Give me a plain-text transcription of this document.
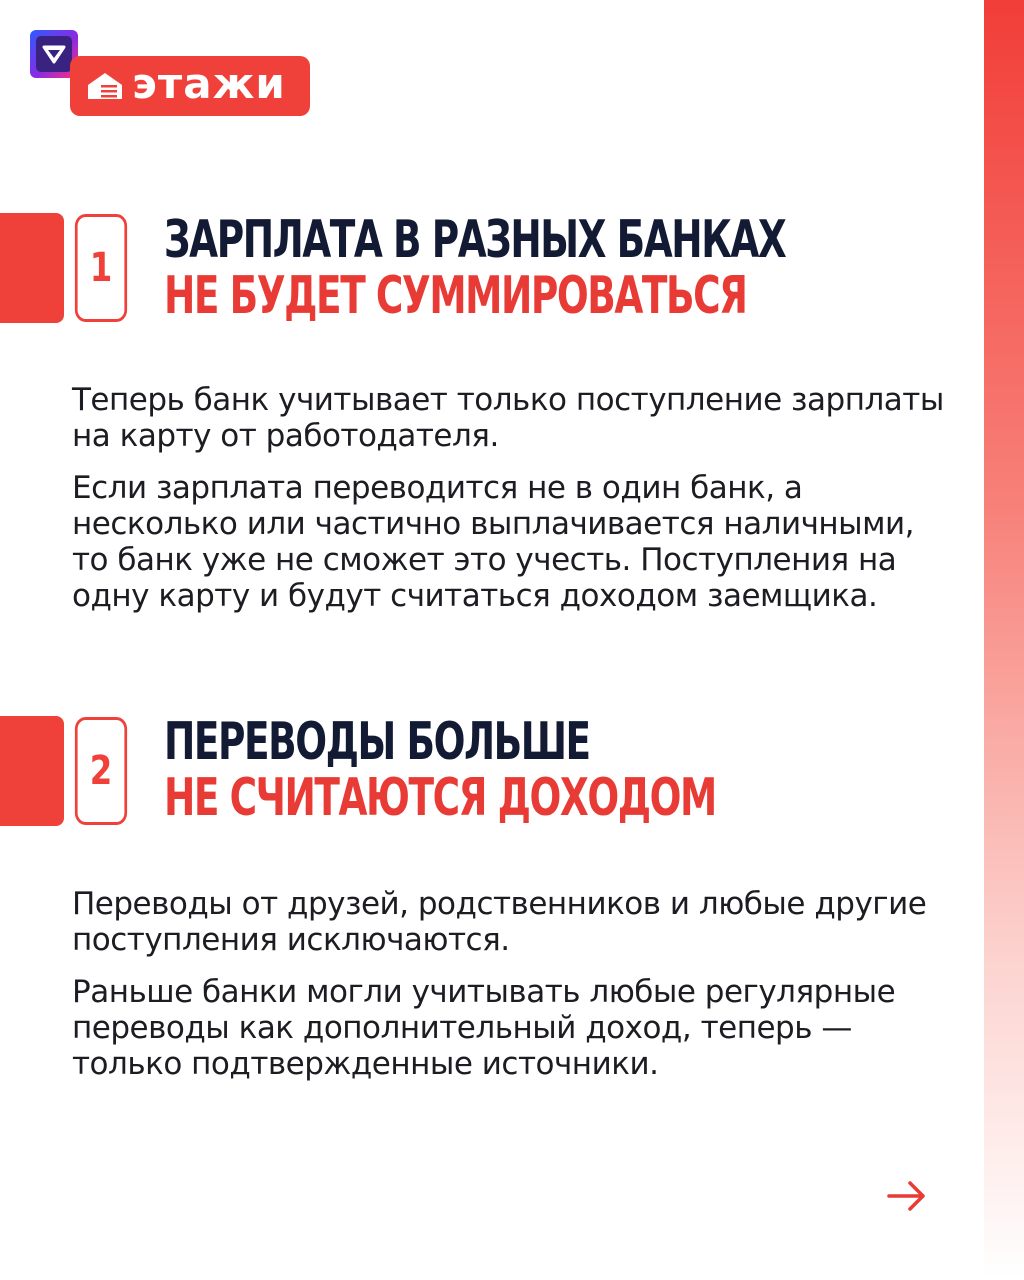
этажи
1 ЗАРПЛАТА В РАЗНЫХ БАНКАХ
НЕ БУДЕТ СУММИРОВАТЬСЯ

Теперь банк учитывает только поступление зарплаты на карту от работодателя.

Если зарплата переводится не в один банк, а несколько или частично выплачивается наличными, то банк уже не сможет это учесть. Поступления на одну карту и будут считаться доходом заемщика.

2 ПЕРЕВОДЫ БОЛЬШЕ
НЕ СЧИТАЮТСЯ ДОХОДОМ

Переводы от друзей, родственников и любые другие поступления исключаются.

Раньше банки могли учитывать любые регулярные переводы как дополнительный доход, теперь — только подтвержденные источники.
